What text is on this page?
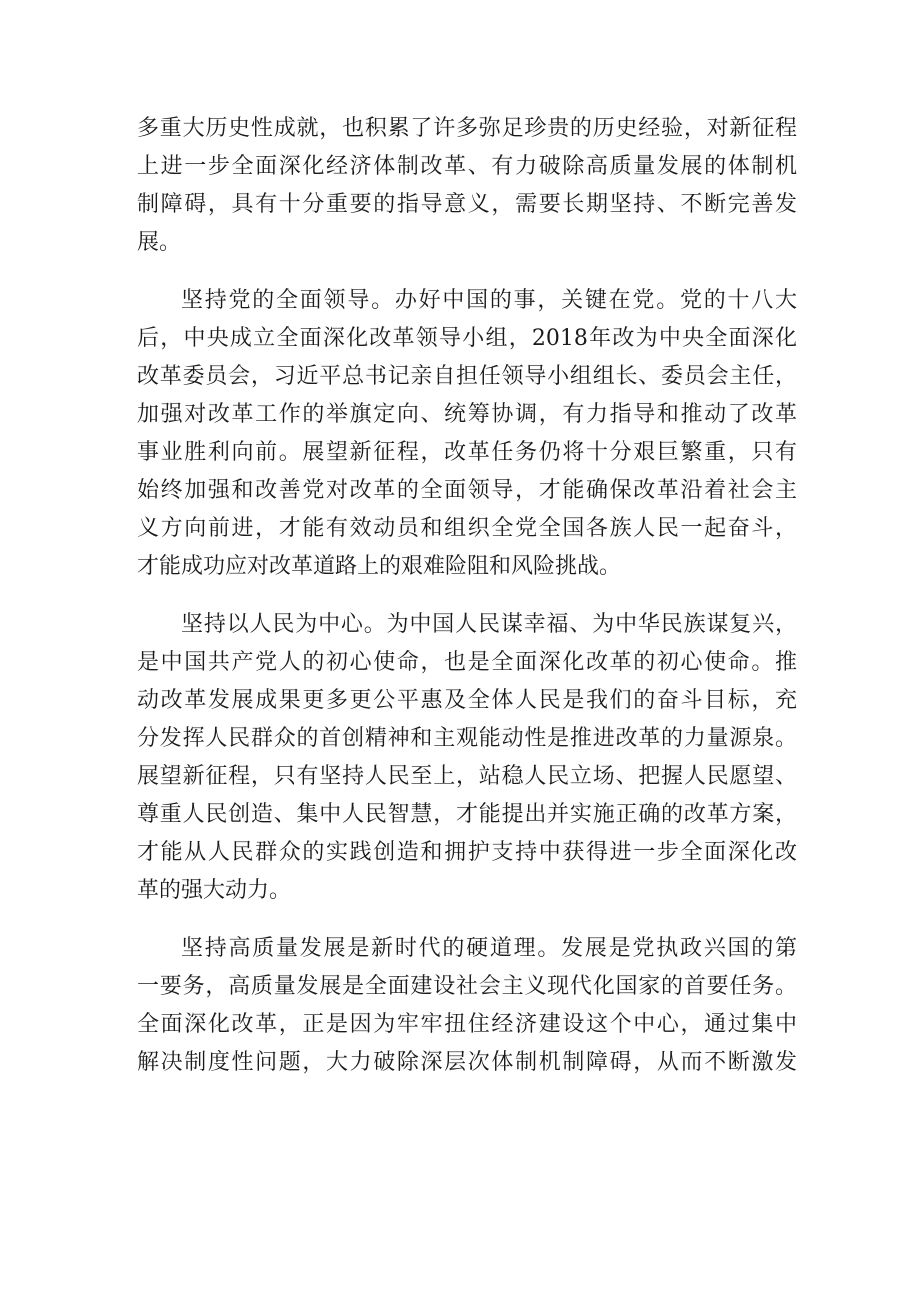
多重大历史性成就，也积累了许多弥足珍贵的历史经验，对新征程
上进一步全面深化经济体制改革、有力破除高质量发展的体制机
制障碍，具有十分重要的指导意义，需要长期坚持、不断完善发
展。
坚持党的全面领导。办好中国的事，关键在党。党的十八大
后，中央成立全面深化改革领导小组，2018年改为中央全面深化
改革委员会，习近平总书记亲自担任领导小组组长、委员会主任，
加强对改革工作的举旗定向、统筹协调，有力指导和推动了改革
事业胜利向前。展望新征程，改革任务仍将十分艰巨繁重，只有
始终加强和改善党对改革的全面领导，才能确保改革沿着社会主
义方向前进，才能有效动员和组织全党全国各族人民一起奋斗，
才能成功应对改革道路上的艰难险阻和风险挑战。
坚持以人民为中心。为中国人民谋幸福、为中华民族谋复兴，
是中国共产党人的初心使命，也是全面深化改革的初心使命。推
动改革发展成果更多更公平惠及全体人民是我们的奋斗目标，充
分发挥人民群众的首创精神和主观能动性是推进改革的力量源泉。
展望新征程，只有坚持人民至上，站稳人民立场、把握人民愿望、
尊重人民创造、集中人民智慧，才能提出并实施正确的改革方案，
才能从人民群众的实践创造和拥护支持中获得进一步全面深化改
革的强大动力。
坚持高质量发展是新时代的硬道理。发展是党执政兴国的第
一要务，高质量发展是全面建设社会主义现代化国家的首要任务。
全面深化改革，正是因为牢牢扭住经济建设这个中心，通过集中
解决制度性问题，大力破除深层次体制机制障碍，从而不断激发
